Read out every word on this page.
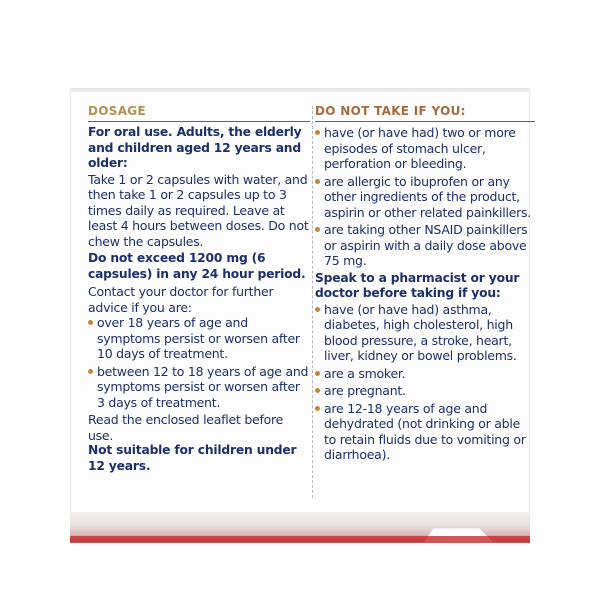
DOSAGE

For oral use. Adults, the elderly and children aged 12 years and older:

Take 1 or 2 capsules with water, and then take 1 or 2 capsules up to 3 times daily as required. Leave at least 4 hours between doses. Do not chew the capsules.

Do not exceed 1200 mg (6 capsules) in any 24 hour period.

Contact your doctor for further advice if you are:

over 18 years of age and symptoms persist or worsen after 10 days of treatment.
between 12 to 18 years of age and symptoms persist or worsen after 3 days of treatment.

Read the enclosed leaflet before use.

Not suitable for children under 12 years.

DO NOT TAKE IF YOU:
have (or have had) two or more episodes of stomach ulcer, perforation or bleeding.
are allergic to ibuprofen or any other ingredients of the product, aspirin or other related painkillers.
are taking other NSAID painkillers or aspirin with a daily dose above 75 mg.

Speak to a pharmacist or your doctor before taking if you:

have (or have had) asthma, diabetes, high cholesterol, high blood pressure, a stroke, heart, liver, kidney or bowel problems.
are a smoker.
are pregnant.
are 12-18 years of age and dehydrated (not drinking or able to retain fluids due to vomiting or diarrhoea).
